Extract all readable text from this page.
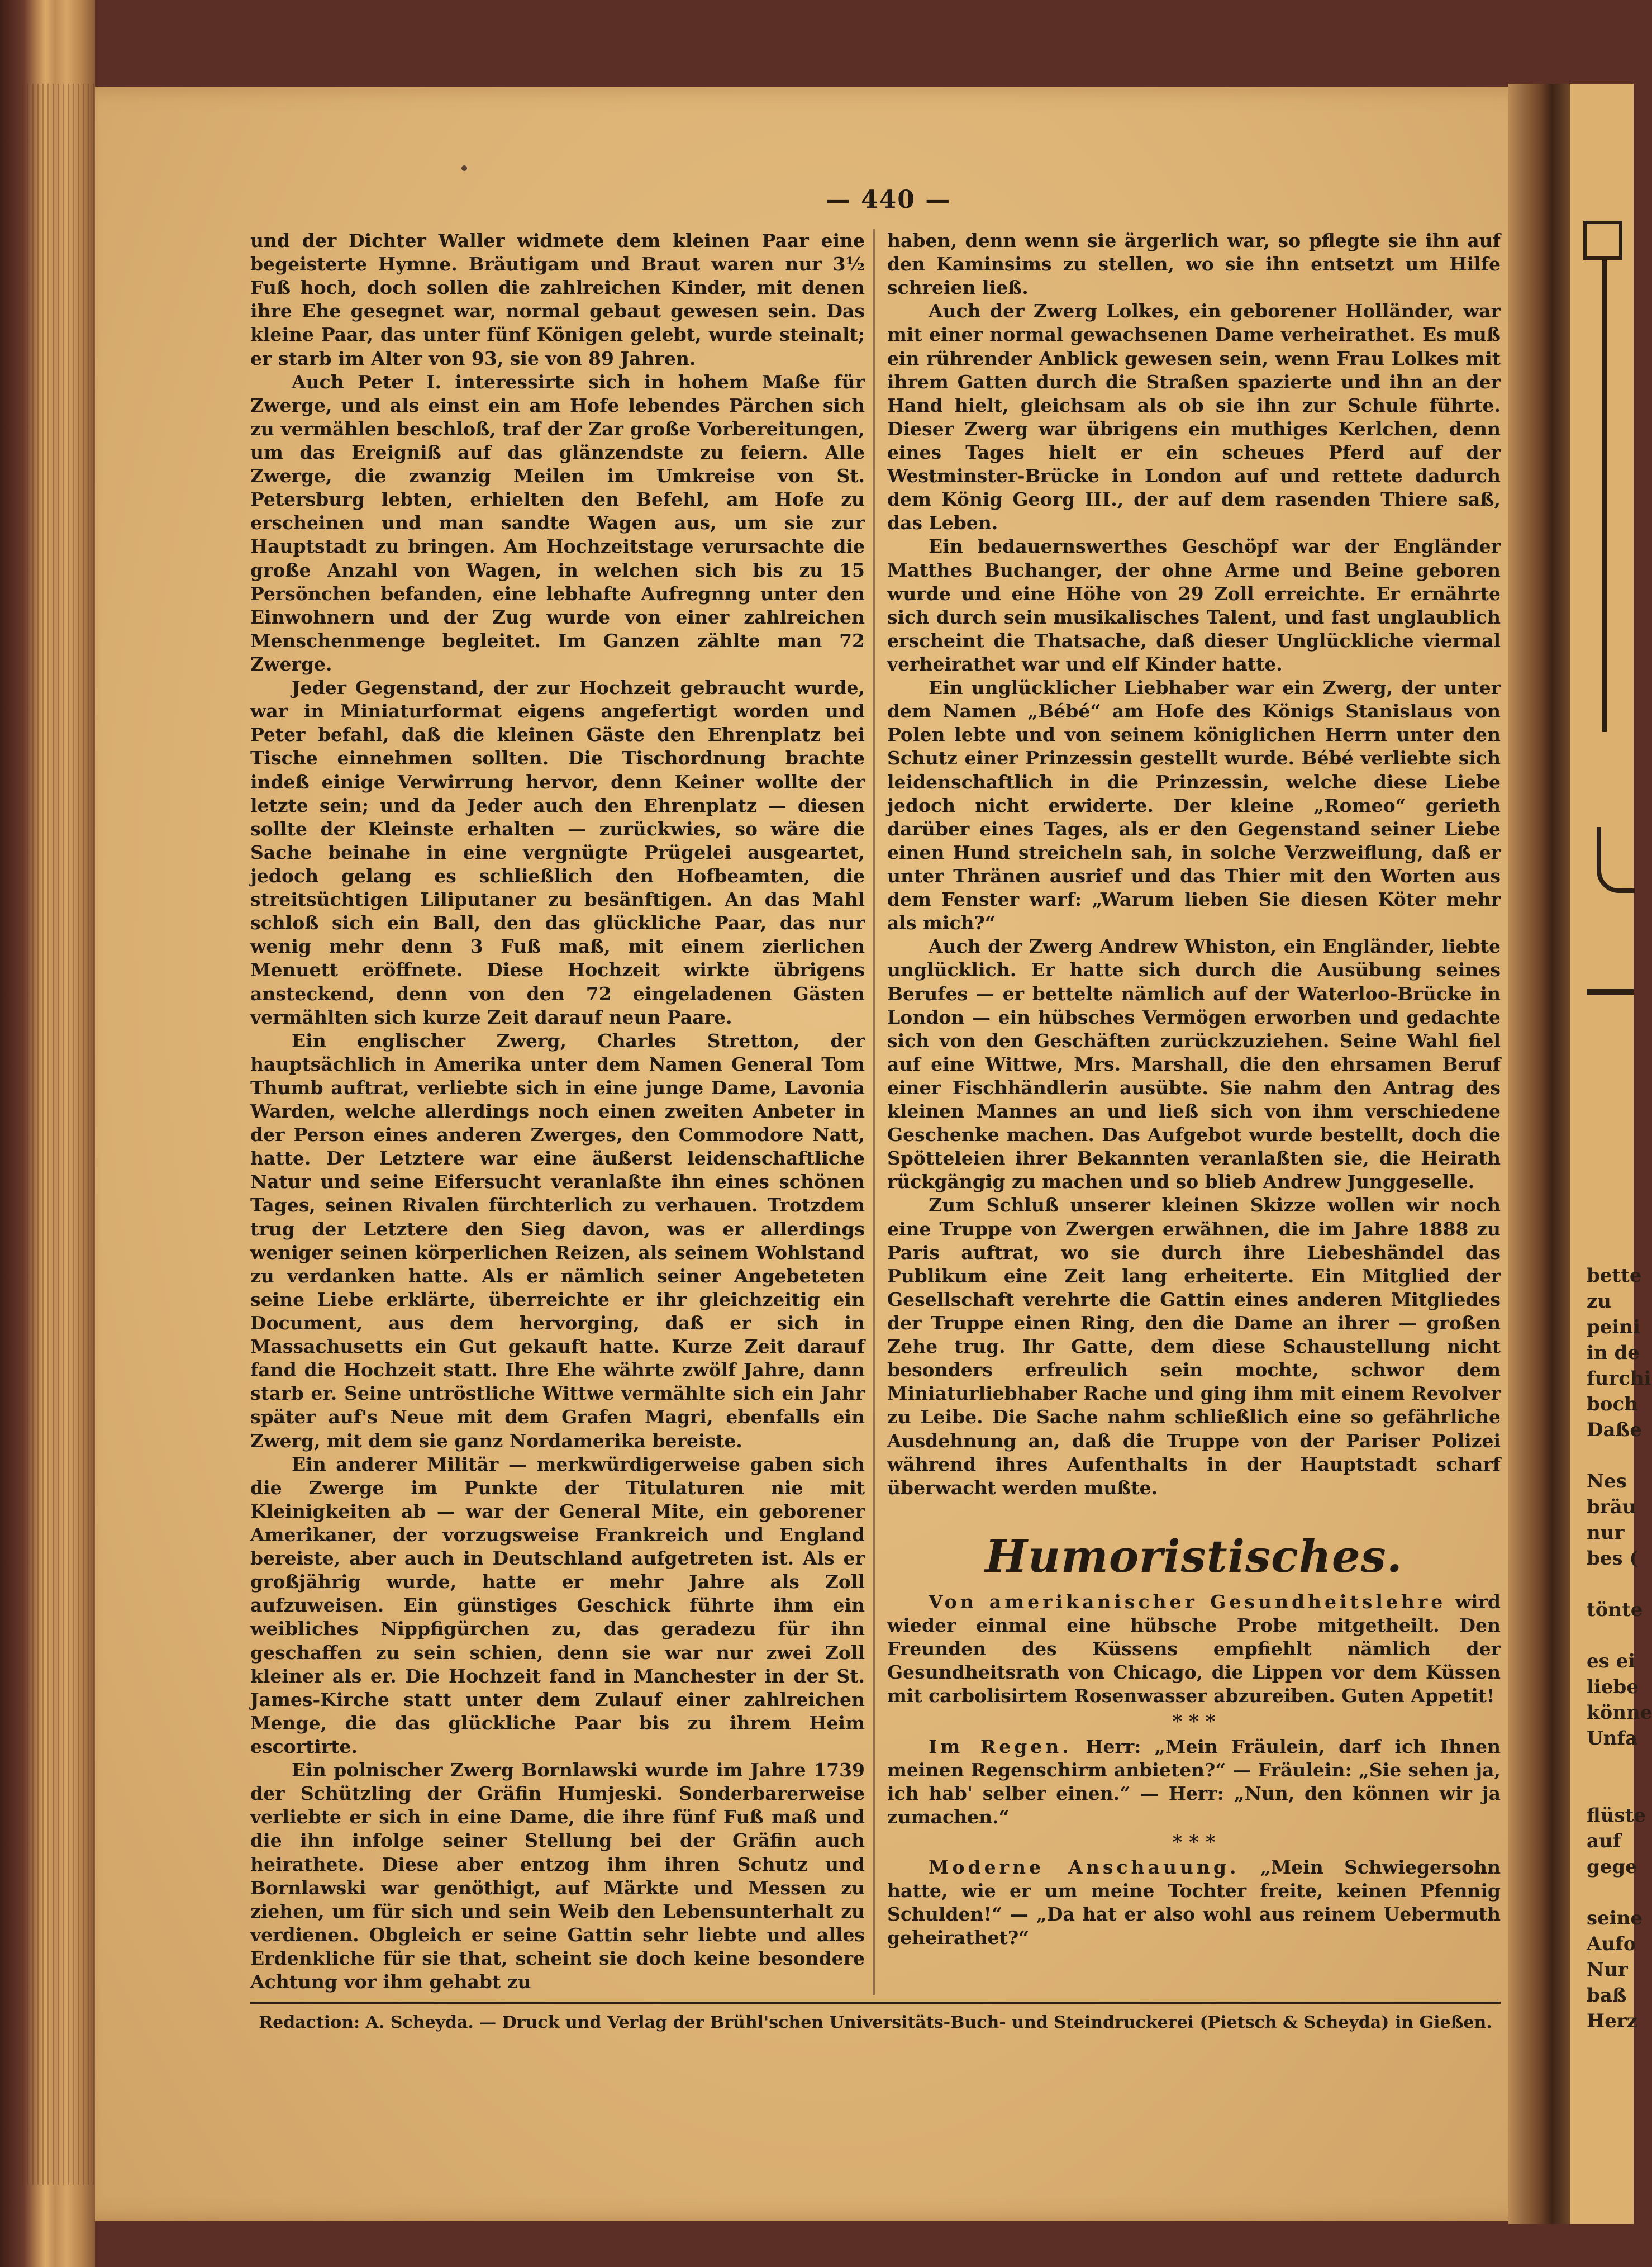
bette
zu
peini
in de
furchi
boch
Daße

Nes
bräu
nur
bes (

tönte

es ei
liebe
könne
Unfa

flüste
auf
gege

seine
Aufo
Nur
baß
Herz
— 440 —

und der Dichter Waller widmete dem kleinen Paar eine begeisterte Hymne. Bräutigam und Braut waren nur 3½ Fuß hoch, doch sollen die zahlreichen Kinder, mit denen ihre Ehe gesegnet war, normal gebaut gewesen sein. Das kleine Paar, das unter fünf Königen gelebt, wurde steinalt; er starb im Alter von 93, sie von 89 Jahren.

Auch Peter I. interessirte sich in hohem Maße für Zwerge, und als einst ein am Hofe lebendes Pärchen sich zu vermählen beschloß, traf der Zar große Vorbereitungen, um das Ereigniß auf das glänzendste zu feiern. Alle Zwerge, die zwanzig Meilen im Umkreise von St. Petersburg lebten, erhielten den Befehl, am Hofe zu erscheinen und man sandte Wagen aus, um sie zur Hauptstadt zu bringen. Am Hochzeitstage verursachte die große Anzahl von Wagen, in welchen sich bis zu 15 Persönchen befanden, eine lebhafte Aufregnng unter den Einwohnern und der Zug wurde von einer zahlreichen Menschenmenge begleitet. Im Ganzen zählte man 72 Zwerge.

Jeder Gegenstand, der zur Hochzeit gebraucht wurde, war in Miniaturformat eigens angefertigt worden und Peter befahl, daß die kleinen Gäste den Ehrenplatz bei Tische einnehmen sollten. Die Tischordnung brachte indeß einige Verwirrung hervor, denn Keiner wollte der letzte sein; und da Jeder auch den Ehrenplatz — diesen sollte der Kleinste erhalten — zurückwies, so wäre die Sache beinahe in eine vergnügte Prügelei ausgeartet, jedoch gelang es schließlich den Hofbeamten, die streitsüchtigen Liliputaner zu besänftigen. An das Mahl schloß sich ein Ball, den das glückliche Paar, das nur wenig mehr denn 3 Fuß maß, mit einem zierlichen Menuett eröffnete. Diese Hochzeit wirkte übrigens ansteckend, denn von den 72 eingeladenen Gästen vermählten sich kurze Zeit darauf neun Paare.

Ein englischer Zwerg, Charles Stretton, der hauptsächlich in Amerika unter dem Namen General Tom Thumb auftrat, verliebte sich in eine junge Dame, Lavonia Warden, welche allerdings noch einen zweiten Anbeter in der Person eines anderen Zwerges, den Commodore Natt, hatte. Der Letztere war eine äußerst leidenschaftliche Natur und seine Eifersucht veranlaßte ihn eines schönen Tages, seinen Rivalen fürchterlich zu verhauen. Trotzdem trug der Letztere den Sieg davon, was er allerdings weniger seinen körperlichen Reizen, als seinem Wohlstand zu verdanken hatte. Als er nämlich seiner Angebeteten seine Liebe erklärte, überreichte er ihr gleichzeitig ein Document, aus dem hervorging, daß er sich in Massachusetts ein Gut gekauft hatte. Kurze Zeit darauf fand die Hochzeit statt. Ihre Ehe währte zwölf Jahre, dann starb er. Seine untröstliche Wittwe vermählte sich ein Jahr später auf's Neue mit dem Grafen Magri, ebenfalls ein Zwerg, mit dem sie ganz Nordamerika bereiste.

Ein anderer Militär — merkwürdigerweise gaben sich die Zwerge im Punkte der Titulaturen nie mit Kleinigkeiten ab — war der General Mite, ein geborener Amerikaner, der vorzugsweise Frankreich und England bereiste, aber auch in Deutschland aufgetreten ist. Als er großjährig wurde, hatte er mehr Jahre als Zoll aufzuweisen. Ein günstiges Geschick führte ihm ein weibliches Nippfigürchen zu, das geradezu für ihn geschaffen zu sein schien, denn sie war nur zwei Zoll kleiner als er. Die Hochzeit fand in Manchester in der St. James-Kirche statt unter dem Zulauf einer zahlreichen Menge, die das glückliche Paar bis zu ihrem Heim escortirte.

Ein polnischer Zwerg Bornlawski wurde im Jahre 1739 der Schützling der Gräfin Humjeski. Sonderbarerweise verliebte er sich in eine Dame, die ihre fünf Fuß maß und die ihn infolge seiner Stellung bei der Gräfin auch heirathete. Diese aber entzog ihm ihren Schutz und Bornlawski war genöthigt, auf Märkte und Messen zu ziehen, um für sich und sein Weib den Lebensunterhalt zu verdienen. Obgleich er seine Gattin sehr liebte und alles Erdenkliche für sie that, scheint sie doch keine besondere Achtung vor ihm gehabt zu

haben, denn wenn sie ärgerlich war, so pflegte sie ihn auf den Kaminsims zu stellen, wo sie ihn entsetzt um Hilfe schreien ließ.

Auch der Zwerg Lolkes, ein geborener Holländer, war mit einer normal gewachsenen Dame verheirathet. Es muß ein rührender Anblick gewesen sein, wenn Frau Lolkes mit ihrem Gatten durch die Straßen spazierte und ihn an der Hand hielt, gleichsam als ob sie ihn zur Schule führte. Dieser Zwerg war übrigens ein muthiges Kerlchen, denn eines Tages hielt er ein scheues Pferd auf der Westminster-Brücke in London auf und rettete dadurch dem König Georg III., der auf dem rasenden Thiere saß, das Leben.

Ein bedauernswerthes Geschöpf war der Engländer Matthes Buchanger, der ohne Arme und Beine geboren wurde und eine Höhe von 29 Zoll erreichte. Er ernährte sich durch sein musikalisches Talent, und fast unglaublich erscheint die Thatsache, daß dieser Unglückliche viermal verheirathet war und elf Kinder hatte.

Ein unglücklicher Liebhaber war ein Zwerg, der unter dem Namen „Bébé“ am Hofe des Königs Stanislaus von Polen lebte und von seinem königlichen Herrn unter den Schutz einer Prinzessin gestellt wurde. Bébé verliebte sich leidenschaftlich in die Prinzessin, welche diese Liebe jedoch nicht erwiderte. Der kleine „Romeo“ gerieth darüber eines Tages, als er den Gegenstand seiner Liebe einen Hund streicheln sah, in solche Verzweiflung, daß er unter Thränen ausrief und das Thier mit den Worten aus dem Fenster warf: „Warum lieben Sie diesen Köter mehr als mich?“

Auch der Zwerg Andrew Whiston, ein Engländer, liebte unglücklich. Er hatte sich durch die Ausübung seines Berufes — er bettelte nämlich auf der Waterloo-Brücke in London — ein hübsches Vermögen erworben und gedachte sich von den Geschäften zurückzuziehen. Seine Wahl fiel auf eine Wittwe, Mrs. Marshall, die den ehrsamen Beruf einer Fischhändlerin ausübte. Sie nahm den Antrag des kleinen Mannes an und ließ sich von ihm verschiedene Geschenke machen. Das Aufgebot wurde bestellt, doch die Spötteleien ihrer Bekannten veranlaßten sie, die Heirath rückgängig zu machen und so blieb Andrew Junggeselle.

Zum Schluß unserer kleinen Skizze wollen wir noch eine Truppe von Zwergen erwähnen, die im Jahre 1888 zu Paris auftrat, wo sie durch ihre Liebeshändel das Publikum eine Zeit lang erheiterte. Ein Mitglied der Gesellschaft verehrte die Gattin eines anderen Mitgliedes der Truppe einen Ring, den die Dame an ihrer — großen Zehe trug. Ihr Gatte, dem diese Schaustellung nicht besonders erfreulich sein mochte, schwor dem Miniaturliebhaber Rache und ging ihm mit einem Revolver zu Leibe. Die Sache nahm schließlich eine so gefährliche Ausdehnung an, daß die Truppe von der Pariser Polizei während ihres Aufenthalts in der Hauptstadt scharf überwacht werden mußte.

Humoristisches.

Von amerikanischer Gesundheitslehre wird wieder einmal eine hübsche Probe mitgetheilt. Den Freunden des Küssens empfiehlt nämlich der Gesundheitsrath von Chicago, die Lippen vor dem Küssen mit carbolisirtem Rosenwasser abzureiben. Guten Appetit!

* * *

Im Regen. Herr: „Mein Fräulein, darf ich Ihnen meinen Regenschirm anbieten?“ — Fräulein: „Sie sehen ja, ich hab' selber einen.“ — Herr: „Nun, den können wir ja zumachen.“

* * *

Moderne Anschauung. „Mein Schwiegersohn hatte, wie er um meine Tochter freite, keinen Pfennig Schulden!“ — „Da hat er also wohl aus reinem Uebermuth geheirathet?“

Redaction: A. Scheyda. — Druck und Verlag der Brühl'schen Universitäts-Buch- und Steindruckerei (Pietsch & Scheyda) in Gießen.
